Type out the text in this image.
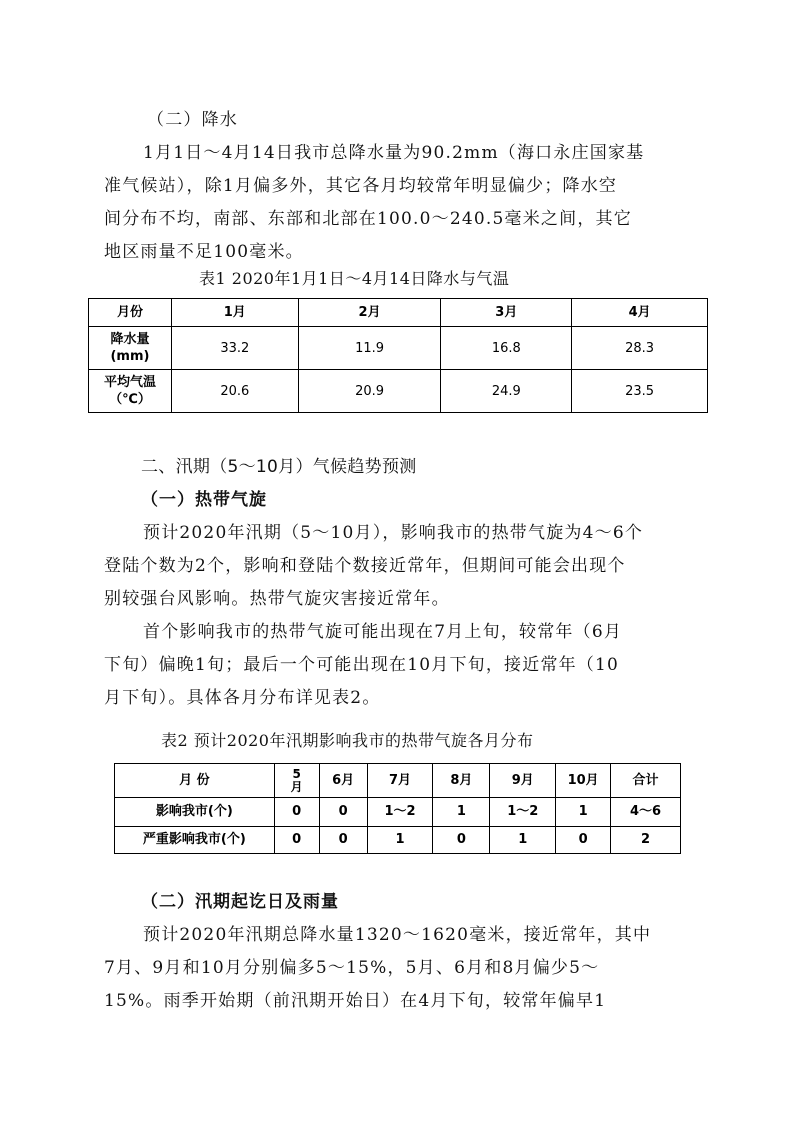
（二）降水
1月1日～4月14日我市总降水量为90.2mm（海口永庄国家基
准气候站），除1月偏多外，其它各月均较常年明显偏少；降水空
间分布不均，南部、东部和北部在100.0～240.5毫米之间，其它
地区雨量不足100毫米。
表1 2020年1月1日～4月14日降水与气温
月份	1月	2月	3月	4月

降水量
(mm)	33.2	11.9	16.8	28.3

平均气温
（℃）	20.6	20.9	24.9	23.5
二、汛期（5～10月）气候趋势预测
（一）热带气旋
预计2020年汛期（5～10月），影响我市的热带气旋为4～6个
登陆个数为2个，影响和登陆个数接近常年，但期间可能会出现个
别较强台风影响。热带气旋灾害接近常年。
首个影响我市的热带气旋可能出现在7月上旬，较常年（6月
下旬）偏晚1旬；最后一个可能出现在10月下旬，接近常年（10
月下旬）。具体各月分布详见表2。
表2 预计2020年汛期影响我市的热带气旋各月分布
月 份	5月	6月	7月	8月	9月	10月	合计
影响我市(个)	0	0	1～2	1	1～2	1	4～6
严重影响我市(个)	0	0	1	0	1	0	2
（二）汛期起讫日及雨量
预计2020年汛期总降水量1320～1620毫米，接近常年，其中
7月、9月和10月分别偏多5～15%，5月、6月和8月偏少5～
15%。雨季开始期（前汛期开始日）在4月下旬，较常年偏早1
